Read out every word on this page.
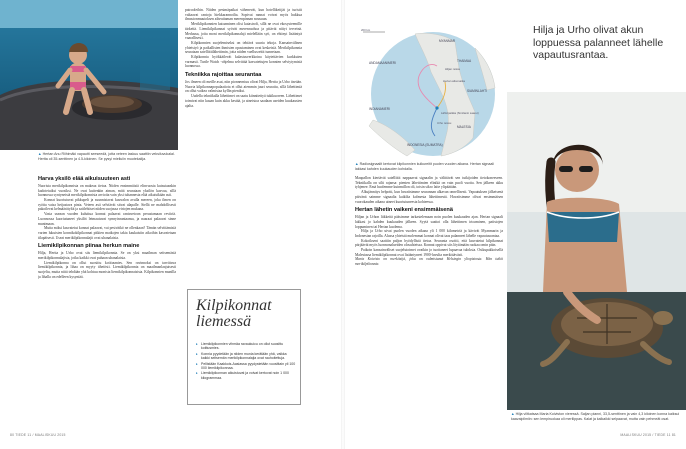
▲ Hertan Anu Riihimäki vapautti seeseedä, jotta veteen laskuu saattiin veksiluvukalal. Hertta oli 35-senttinen ja 4.5-kiloinen. Se pysyi mielluiin muotekalija.
Harva yksilö elää aikuisuuteen asti

Nuorista merikilpikonnista on makeaa tietoa. Niiden ensimmäisiä elinvuosia kutsutaankin kadoteiuiksi vuosiksi. Ne ovat kuitenkin aiman, mitä seurataan yksilön kasvua, sillä luonnossa syntyneistä merikilpikonnista arvioita vain yksi tuhannesta elää aikuisikään asti.

Konnat kuoriutuvat pikkupelt ja suunnistavat kuuvalon avulla mereen, joka ilmen on ryötta vaisa heijastava pinta. Veteen asti selviävät sitvat ulapalle. Siellä ne mahdollisesti pakoilevat kelmäärätyltä ja saitlehtiset niiden suojassa virtojen mukana.

Vasta useaan vuoden kuluttua konnat palaavat rantavetoon perustamaan reviiriä. Luonnossa kuoriutuneet yksilöt leimautuvat synnyinrantaansa, ja naaraat palaavat sinne munimaan.

Mutta miksi kasvatetut konnat palaavat, vai pesivätkö ne ollenkaan? Tämän selvittämisiä varten lukuisten konnikokilpikonnat pitkien matkojen takia kaukaisiin aikoihin kasvatetaan tilapäisesti. Useat merikilpikonnalajit ovat uhanalaisia.

Liemikilpikonnan piinaa herkun maine

Hilja, Hertta ja Urho ovat siis liemikilpikonnia. Se on yksi maailman seitsemästä merikilpikonnalajista, jotka kaikki ovat puhaan uhanalaisia.

Liemikilpikonna on ollut suosittu kotitusmies. Sen ravinnoksi on tarvittava liemikilpikonnia, ja lihaa on myyty tihetösti. Liemikilpikonnia on maailmanlaajuisesti suojeltu, mutta niitä tehdään yhä kohtuu monista liemikilpikonnaisista. Kilpikonnien munilla ja lihalla on edelleen kysyntää.

patrooleihin. Niiden pesimäpaikat vähenevät, kun hotellikeitjät ja turistit valtaavat rantoja hiekkarannoilta. Sopivat rannat voivat myös hukkua ilmastonmuutoksen aiheuttaman merenpinnan nousuun.

Meriklipikonnien katoaminen olisi katastrofi, sillä ne ovat ekosysteemille tärkeitä. Liemikilpikonnat syövät merenruohoa ja pitävät niityt terveinä. Meduusa, joita moni merikilpikonnalaji mielellään syö, on ehtinyt lisääntyä vaarallisesti.

Kilpikonnien suojelemiseksi on tehtävä suuria tekoja. Kansainvälinen yhteistyö ja paikallisten ihmisten opastaminen ovat keskeisiä. Merikilpikonnia seurataan satelliittilähettimin, jotta niiden vaellusreitit tunnetaan.

Kilpikonnia hyökkäilevät kalastusverkkoina käytettävien kurkkuien varmasti. Turtle Watch -ohjelma selvittää kasvatettujen konnien selviytymistä luonnossa.

Tekniikka rajoittaa seurantaa

Jos ilmeen oli meille asut, niin pionnerniuu olivat Hilja, Hertta ja Urho itseään. Nuorta kilpikonnapopulaatiota ei ollut aiemmin juuri seurattu, sillä lähettimiä on ollut vaikea valmistaa kyllin pieniksi.

Uudella tekniikalla lähettimet on saatu kiinnitettyä tukikuoreen. Lähettimet toimivat niin kauan kuin akku kestää, ja aineistoa saadaan useiden kuukausien ajalta.

Kilpikonnat
liemessä
▸ Liemikilpikonnien vihmäa ravaukuicu on ollut suosittu kotitusmies.
▸ Konnia pyydetään ja niiden munia kerätään yhä, vaikka kaikki seitsemän merikilpikonnalajia ovat rauhoitettuja.
▸ Pellistään Kaakkois-Aasiassa pyydystetään vuosittain yli 100 000 liemikilpikonnaa.
▸ Liemikilpikonnan aikuistuvat ja voivat kertovat noin 1 000 kilogrammaa.
80 TIEDE 11 / MAALISKUU 2015
200 km
MYANMAR
THAIMAA
ANDAMAANIMERI
SIAMINLAHTI
MALESIA
INDONESIA (SUMATRA)
INDIANAMERI
Hiljan reissu
Hertan alkumatka
Lähtöpaikka (Similanin saaret)
Urho reissu
▲ Radiosignaalit kertovat kilpikonnien kulkureitit puolen vuoden aikana. Hertan signaali lakkasi kahden kuukauden kohdalla.
Hilja ja Urho olivat akun loppuessa palanneet lähelle vapautusrantaa.

Maapallon kiertävät satelliitit nappaavat signaalin ja välittävät sen tutkijoiden tietokoneeseen. Tekniikalla on silti rajansa: pienten lähettimien elinikä on vain puoli vuotta. Sen jälkeen akku tyhjenee. Emä huolemme kuinmillon oli, toisin sikro laite ylipäätään.

Alkujännitys helpotti, kun havaitsimme seurannan alkavan onnellisesti. Vapautuksen jälkeisenä päivänä saimme signaalia kaikilta kolmesta lähettimestä. Havaitsimme olivat ensimmäisen vuorokauden aikana uineet kuoriutuneesta kohteessa.

Hertan lähetin vaikeni ensimmäisenä

Hiljan ja Urhon liikkeitä pääsimme tarkastelemaan noin puolen kuukauden ajan. Hertan signaali lakkasi jo kahden kuukauden jälkeen. Syytä saattoi olla lähettimen irtoaminen, patistojen loppuminen tai Hertan kuolema.

Hilja ja Urho uivat puolen vuoden aikana yli 1 000 kilometriä ja kävivät Myanmarin ja Indonesian rajoilla. Alussa yhteistä molemmat konnat olivat taas palanneet lähelle vapautusrantaa.

Kokoikseni saattiin paljon hyödyllistä tietoa. Seuranta osoitti, että kasvatetut kilpikonnat pärjäävät myös luonnonalueiden olosuhteissa. Konnat oppivat siis löytämään ruokaa omin päin.

Paikoin kansainväliset suojelutoimet ovatkin jo tuottaneet lupaavaa tuloksia. Ostkupakkoisellä Malesiassa liemikilpikonnat ovat lisääntyneet 1900-luvulta merkittävästi.

Maria Koivisto on merkitsijä, joka on valmistunut Helsingin yliopistosta. Hän tutkii merikilpikonnia.

▲ Hilja viltkatsaa Maria Koiviston vieressä. Saljan pianni, 33,5-senttinen ja vain 4,3 kiloinen konna kaiksui kaavaipilmiin: sen lempiruokaa oli merilippas. Kalat ja kalkaikki selpaavat, mutta vain pehmeät osat.
MAALISKUU 2015 / TIEDE 11 81
